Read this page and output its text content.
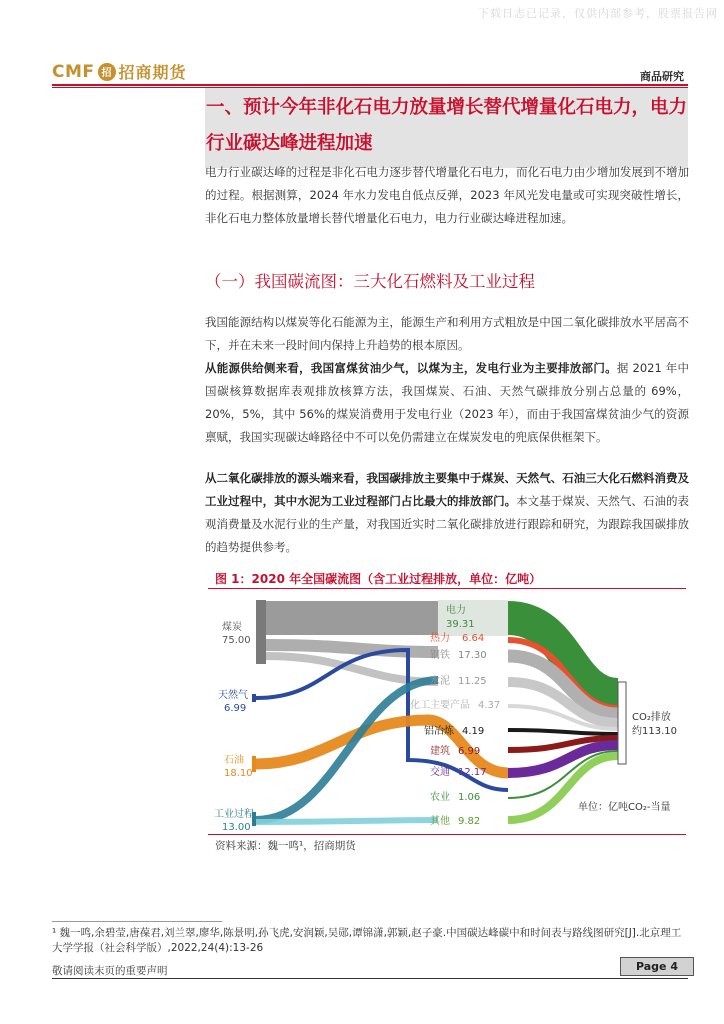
下载日志已记录，仅供内部参考，股票报告网
CMF 招 招商期货	商品研究
一、预计今年非化石电力放量增长替代增量化石电力，电力行业碳达峰进程加速
电力行业碳达峰的过程是非化石电力逐步替代增量化石电力，而化石电力由少增加发展到不增加的过程。根据测算，2024 年水力发电自低点反弹，2023 年风光发电量或可实现突破性增长，非化石电力整体放量增长替代增量化石电力，电力行业碳达峰进程加速。
（一）我国碳流图：三大化石燃料及工业过程
我国能源结构以煤炭等化石能源为主，能源生产和利用方式粗放是中国二氧化碳排放水平居高不下，并在未来一段时间内保持上升趋势的根本原因。
从能源供给侧来看，我国富煤贫油少气，以煤为主，发电行业为主要排放部门。据 2021 年中国碳核算数据库表观排放核算方法，我国煤炭、石油、天然气碳排放分别占总量的 69%，20%，5%，其中 56%的煤炭消费用于发电行业（2023 年），而由于我国富煤贫油少气的资源禀赋，我国实现碳达峰路径中不可以免仍需建立在煤炭发电的兜底保供框架下。
从二氧化碳排放的源头端来看，我国碳排放主要集中于煤炭、天然气、石油三大化石燃料消费及工业过程中，其中水泥为工业过程部门占比最大的排放部门。本文基于煤炭、天然气、石油的表观消费量及水泥行业的生产量，对我国近实时二氧化碳排放进行跟踪和研究，为跟踪我国碳排放的趋势提供参考。
图 1：2020 年全国碳流图（含工业过程排放，单位：亿吨）
煤炭
75.00
天然气
6.99
石油
18.10
工业过程
13.00
电力
39.31
热力 6.64
钢铁 17.30
水泥 11.25
化工主要产品 4.37
铝冶炼 4.19
建筑 6.99
交通 12.17
农业 1.06
其他 9.82
CO₂排放
约113.10
单位：亿吨CO₂-当量
资料来源：魏一鸣¹，招商期货
¹ 魏一鸣,余碧莹,唐葆君,刘兰翠,廖华,陈景明,孙飞虎,安润颖,吴郧,谭锦潇,郭颖,赵子豪.中国碳达峰碳中和时间表与路线图研究[J].北京理工大学学报（社会科学版）,2022,24(4):13-26
敬请阅读末页的重要声明	Page 4
